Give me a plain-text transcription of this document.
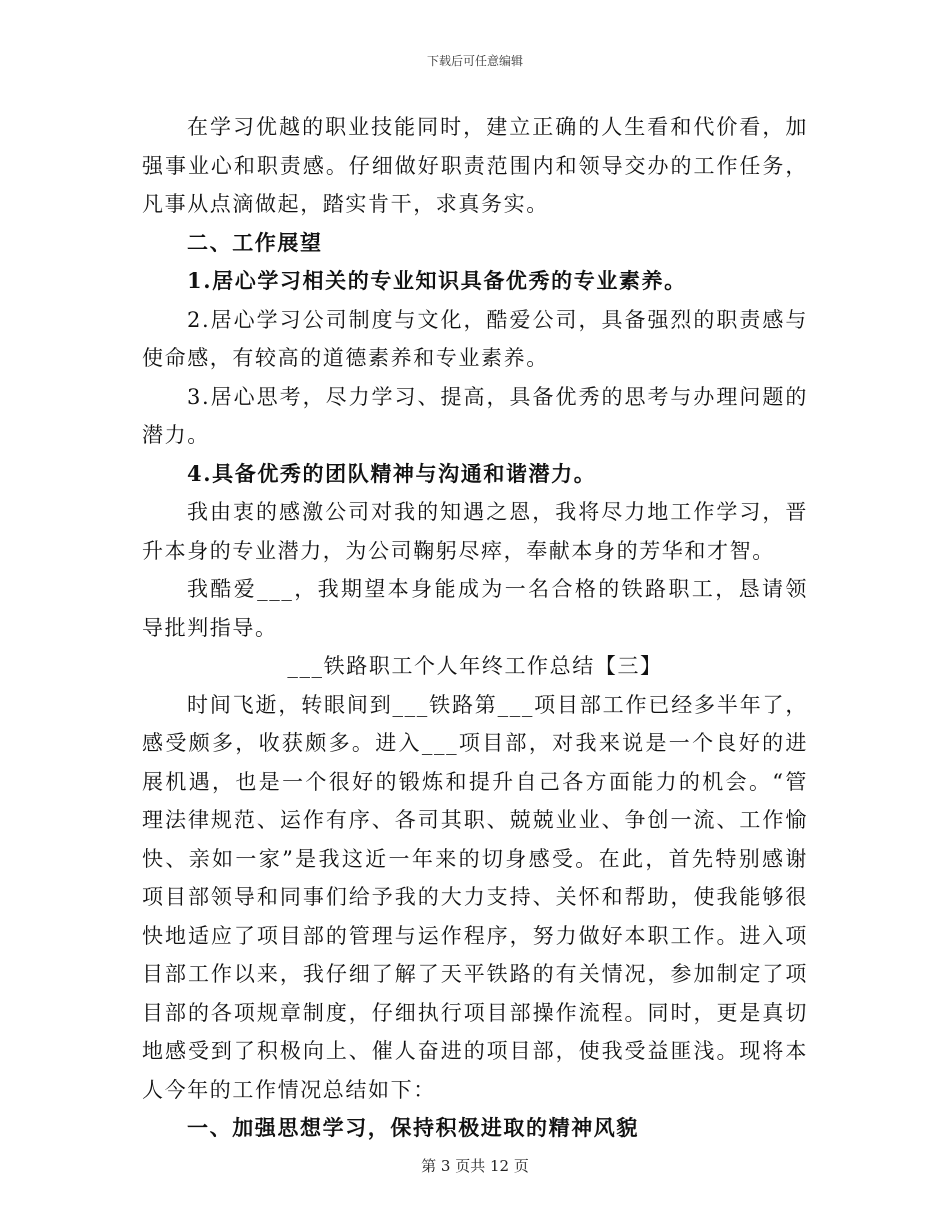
下载后可任意编辑

在学习优越的职业技能同时，建立正确的人生看和代价看，加强事业心和职责感。仔细做好职责范围内和领导交办的工作任务，凡事从点滴做起，踏实肯干，求真务实。

二、工作展望

1.居心学习相关的专业知识具备优秀的专业素养。

2.居心学习公司制度与文化，酷爱公司，具备强烈的职责感与使命感，有较高的道德素养和专业素养。

3.居心思考，尽力学习、提高，具备优秀的思考与办理问题的潜力。

4.具备优秀的团队精神与沟通和谐潜力。

我由衷的感激公司对我的知遇之恩，我将尽力地工作学习，晋升本身的专业潜力，为公司鞠躬尽瘁，奉献本身的芳华和才智。

我酷爱___，我期望本身能成为一名合格的铁路职工，恳请领导批判指导。

___铁路职工个人年终工作总结【三】

时间飞逝，转眼间到___铁路第___项目部工作已经多半年了，感受颇多，收获颇多。进入___项目部，对我来说是一个良好的进展机遇，也是一个很好的锻炼和提升自己各方面能力的机会。“管理法律规范、运作有序、各司其职、兢兢业业、争创一流、工作愉快、亲如一家”是我这近一年来的切身感受。在此，首先特别感谢项目部领导和同事们给予我的大力支持、关怀和帮助，使我能够很快地适应了项目部的管理与运作程序，努力做好本职工作。进入项目部工作以来，我仔细了解了天平铁路的有关情况，参加制定了项目部的各项规章制度，仔细执行项目部操作流程。同时，更是真切地感受到了积极向上、催人奋进的项目部，使我受益匪浅。现将本人今年的工作情况总结如下：

一、加强思想学习，保持积极进取的精神风貌

第 3 页共 12 页
